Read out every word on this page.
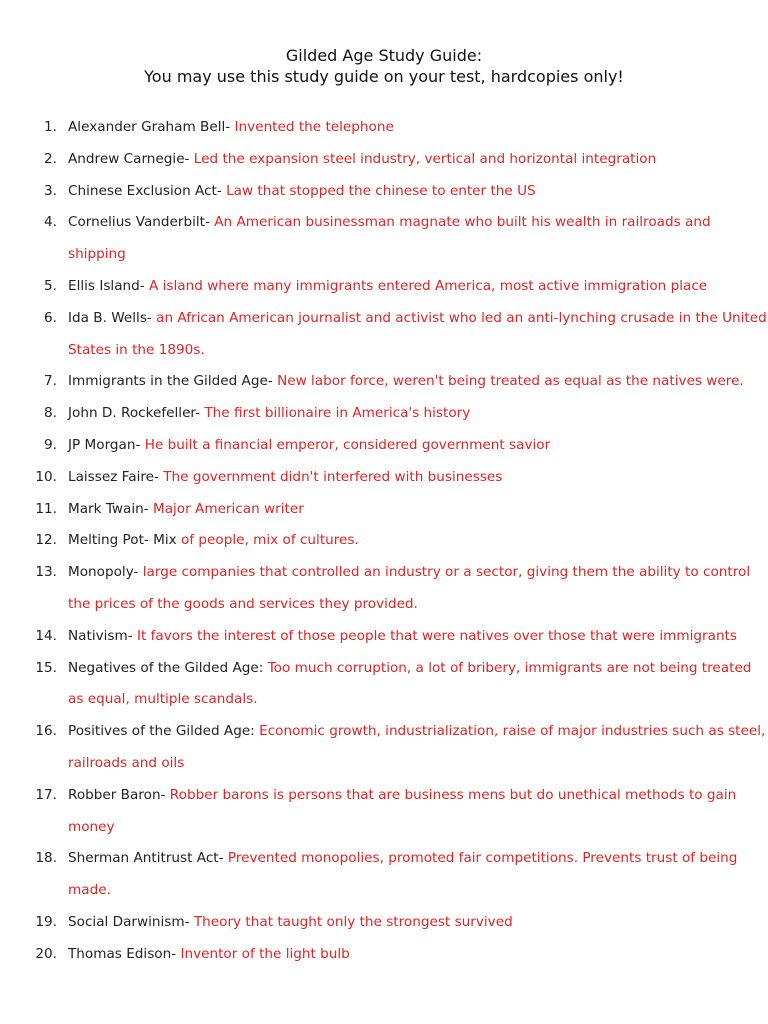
Gilded Age Study Guide:
You may use this study guide on your test, hardcopies only!
1. Alexander Graham Bell- Invented the telephone
2. Andrew Carnegie- Led the expansion steel industry, vertical and horizontal integration
3. Chinese Exclusion Act- Law that stopped the chinese to enter the US
4. Cornelius Vanderbilt- An American businessman magnate who built his wealth in railroads and shipping
5. Ellis Island- A island where many immigrants entered America, most active immigration place
6. Ida B. Wells- an African American journalist and activist who led an anti-lynching crusade in the United States in the 1890s.
7. Immigrants in the Gilded Age- New labor force, weren't being treated as equal as the natives were.
8. John D. Rockefeller- The first billionaire in America's history
9. JP Morgan- He built a financial emperor, considered government savior
10. Laissez Faire- The government didn't interfered with businesses
11. Mark Twain- Major American writer
12. Melting Pot- Mix of people, mix of cultures.
13. Monopoly- large companies that controlled an industry or a sector, giving them the ability to control the prices of the goods and services they provided.
14. Nativism- It favors the interest of those people that were natives over those that were immigrants
15. Negatives of the Gilded Age: Too much corruption, a lot of bribery, immigrants are not being treated as equal, multiple scandals.
16. Positives of the Gilded Age: Economic growth, industrialization, raise of major industries such as steel, railroads and oils
17. Robber Baron- Robber barons is persons that are business mens but do unethical methods to gain money
18. Sherman Antitrust Act- Prevented monopolies, promoted fair competitions. Prevents trust of being made.
19. Social Darwinism- Theory that taught only the strongest survived
20. Thomas Edison- Inventor of the light bulb
